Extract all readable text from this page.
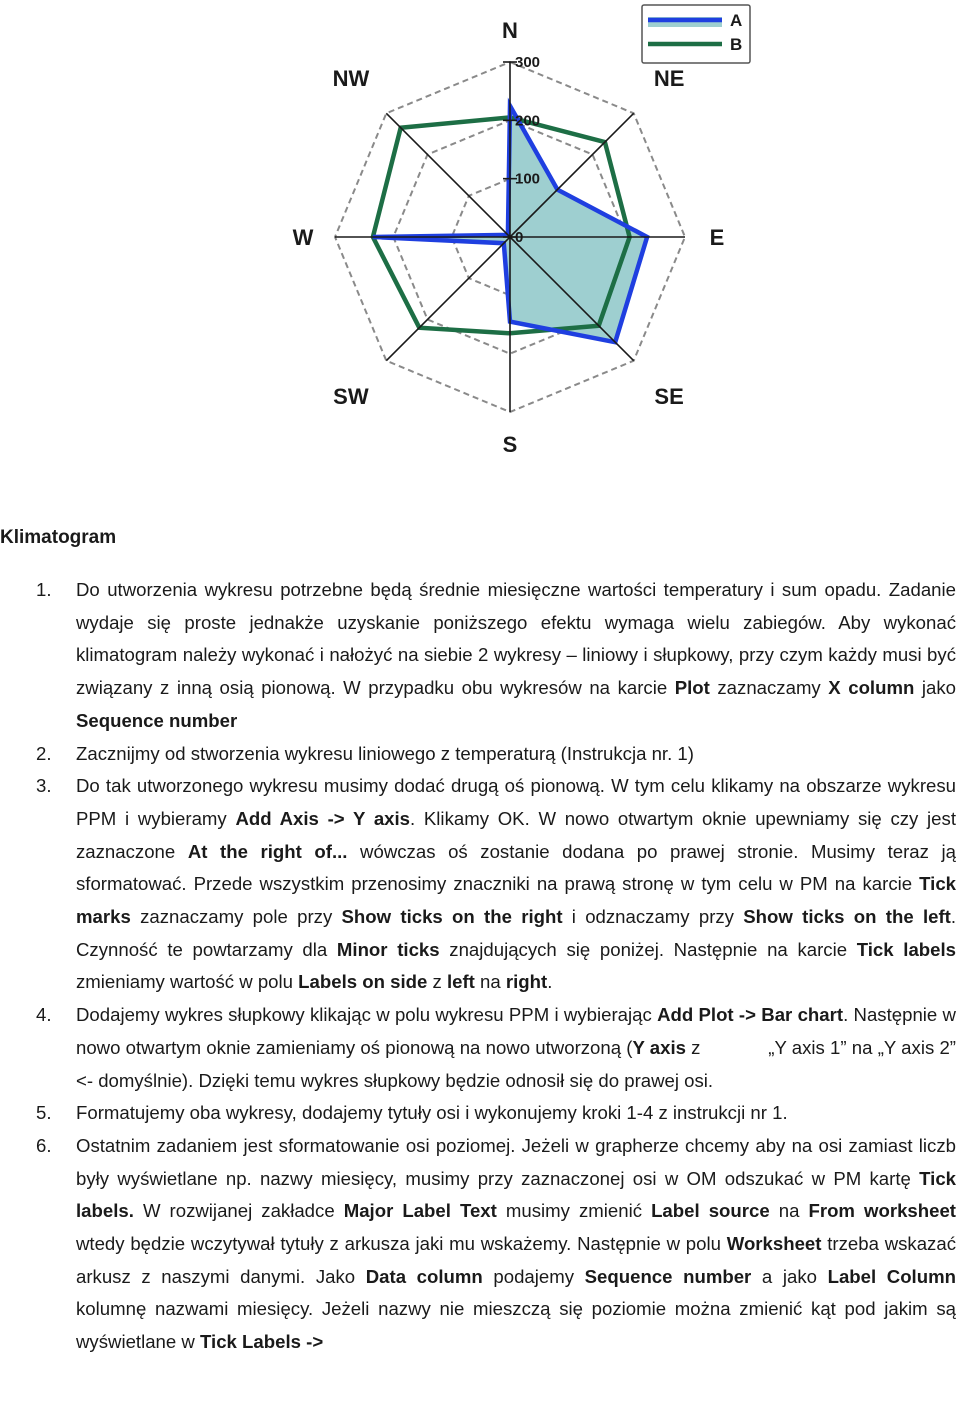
0
100
200
300
N
NE
E
SE
S
SW
W
NW
A
B
Klimatogram
1. Do utworzenia wykresu potrzebne będą średnie miesięczne wartości temperatury i sum opadu. Zadanie wydaje się proste jednakże uzyskanie poniższego efektu wymaga wielu zabiegów. Aby wykonać klimatogram należy wykonać i nałożyć na siebie 2 wykresy – liniowy i słupkowy, przy czym każdy musi być związany z inną osią pionową. W przypadku obu wykresów na karcie Plot zaznaczamy X column jako Sequence number
2. Zacznijmy od stworzenia wykresu liniowego z temperaturą (Instrukcja nr. 1)
3. Do tak utworzonego wykresu musimy dodać drugą oś pionową. W tym celu klikamy na obszarze wykresu PPM i wybieramy Add Axis -> Y axis. Klikamy OK. W nowo otwartym oknie upewniamy się czy jest zaznaczone At the right of... wówczas oś zostanie dodana po prawej stronie. Musimy teraz ją sformatować. Przede wszystkim przenosimy znaczniki na prawą stronę w tym celu w PM na karcie Tick marks zaznaczamy pole przy Show ticks on the right i odznaczamy przy Show ticks on the left. Czynność te powtarzamy dla Minor ticks znajdujących się poniżej. Następnie na karcie Tick labels zmieniamy wartość w polu Labels on side z left na right.
4. Dodajemy wykres słupkowy klikając w polu wykresu PPM i wybierając Add Plot -> Bar chart. Następnie w nowo otwartym oknie zamieniamy oś pionową na nowo utworzoną (Y axis z             „Y axis 1” na „Y axis 2” <- domyślnie). Dzięki temu wykres słupkowy będzie odnosił się do prawej osi.
5. Formatujemy oba wykresy, dodajemy tytuły osi i wykonujemy kroki 1-4 z instrukcji nr 1.
6. Ostatnim zadaniem jest sformatowanie osi poziomej. Jeżeli w grapherze chcemy aby na osi zamiast liczb były wyświetlane np. nazwy miesięcy, musimy przy zaznaczonej osi w OM odszukać w PM kartę Tick labels. W rozwijanej zakładce Major Label Text musimy zmienić Label source na From worksheet wtedy będzie wczytywał tytuły z arkusza jaki mu wskażemy. Następnie w polu Worksheet trzeba wskazać arkusz z naszymi danymi. Jako Data column podajemy Sequence number a jako Label Column kolumnę nazwami miesięcy. Jeżeli nazwy nie mieszczą się poziomie można zmienić kąt pod jakim są wyświetlane w Tick Labels ->
